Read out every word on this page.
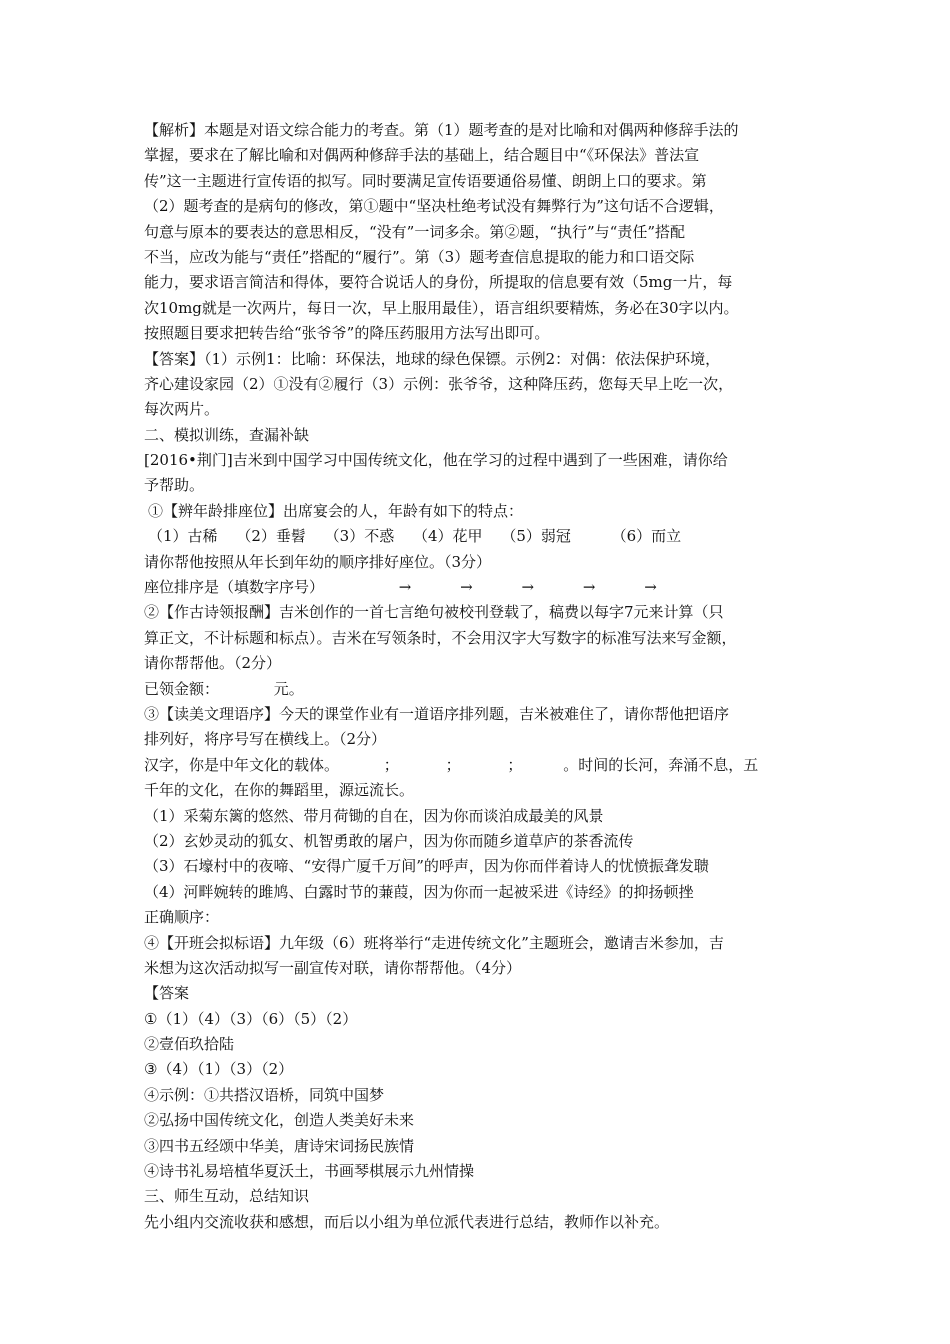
【解析】本题是对语文综合能力的考查。第（1）题考查的是对比喻和对偶两种修辞手法的
掌握，要求在了解比喻和对偶两种修辞手法的基础上，结合题目中“《环保法》普法宣
传”这一主题进行宣传语的拟写。同时要满足宣传语要通俗易懂、朗朗上口的要求。第
（2）题考查的是病句的修改，第①题中“坚决杜绝考试没有舞弊行为”这句话不合逻辑，
句意与原本的要表达的意思相反，“没有”一词多余。第②题，“执行”与“责任”搭配
不当，应改为能与“责任”搭配的“履行”。第（3）题考查信息提取的能力和口语交际
能力，要求语言简洁和得体，要符合说话人的身份，所提取的信息要有效（5mg一片，每
次10mg就是一次两片，每日一次，早上服用最佳），语言组织要精炼，务必在30字以内。
按照题目要求把转告给“张爷爷”的降压药服用方法写出即可。
【答案】（1）示例1：比喻：环保法，地球的绿色保镖。示例2：对偶：依法保护环境，
齐心建设家园（2）①没有②履行（3）示例：张爷爷，这种降压药，您每天早上吃一次，
每次两片。
二、模拟训练，查漏补缺
[2016•荆门]吉米到中国学习中国传统文化，他在学习的过程中遇到了一些困难，请你给
予帮助。
①【辨年龄排座位】出席宴会的人，年龄有如下的特点：
（1）古稀 （2）垂髫 （3）不惑 （4）花甲 （5）弱冠	（6）而立
请你帮他按照从年长到年幼的顺序排好座位。（3分）
座位排序是（填数字序号）	→	→	→	→	→
②【作古诗领报酬】吉米创作的一首七言绝句被校刊登载了，稿费以每字7元来计算（只
算正文，不计标题和标点）。吉米在写领条时，不会用汉字大写数字的标准写法来写金额，
请你帮帮他。（2分）
已领金额：	元。
③【读美文理语序】今天的课堂作业有一道语序排列题，吉米被难住了，请你帮他把语序
排列好，将序号写在横线上。（2分）
汉字，你是中年文化的载体。	；	；	；	。时间的长河，奔涌不息，五
千年的文化，在你的舞蹈里，源远流长。
（1）采菊东篱的悠然、带月荷锄的自在，因为你而谈泊成最美的风景
（2）玄妙灵动的狐女、机智勇敢的屠户，因为你而随乡道草庐的茶香流传
（3）石壕村中的夜啼、“安得广厦千万间”的呼声，因为你而伴着诗人的忧愤振聋发聩
（4）河畔婉转的雎鸠、白露时节的蒹葭，因为你而一起被采进《诗经》的抑扬顿挫
正确顺序：
④【开班会拟标语】九年级（6）班将举行“走进传统文化”主题班会，邀请吉米参加，吉
米想为这次活动拟写一副宣传对联，请你帮帮他。（4分）
【答案
①（1）（4）（3）（6）（5）（2）
②壹佰玖拾陆
③（4）（1）（3）（2）
④示例：①共搭汉语桥，同筑中国梦
②弘扬中国传统文化，创造人类美好未来
③四书五经颂中华美，唐诗宋词扬民族情
④诗书礼易培植华夏沃土，书画琴棋展示九州情操
三、师生互动，总结知识
先小组内交流收获和感想，而后以小组为单位派代表进行总结，教师作以补充。
